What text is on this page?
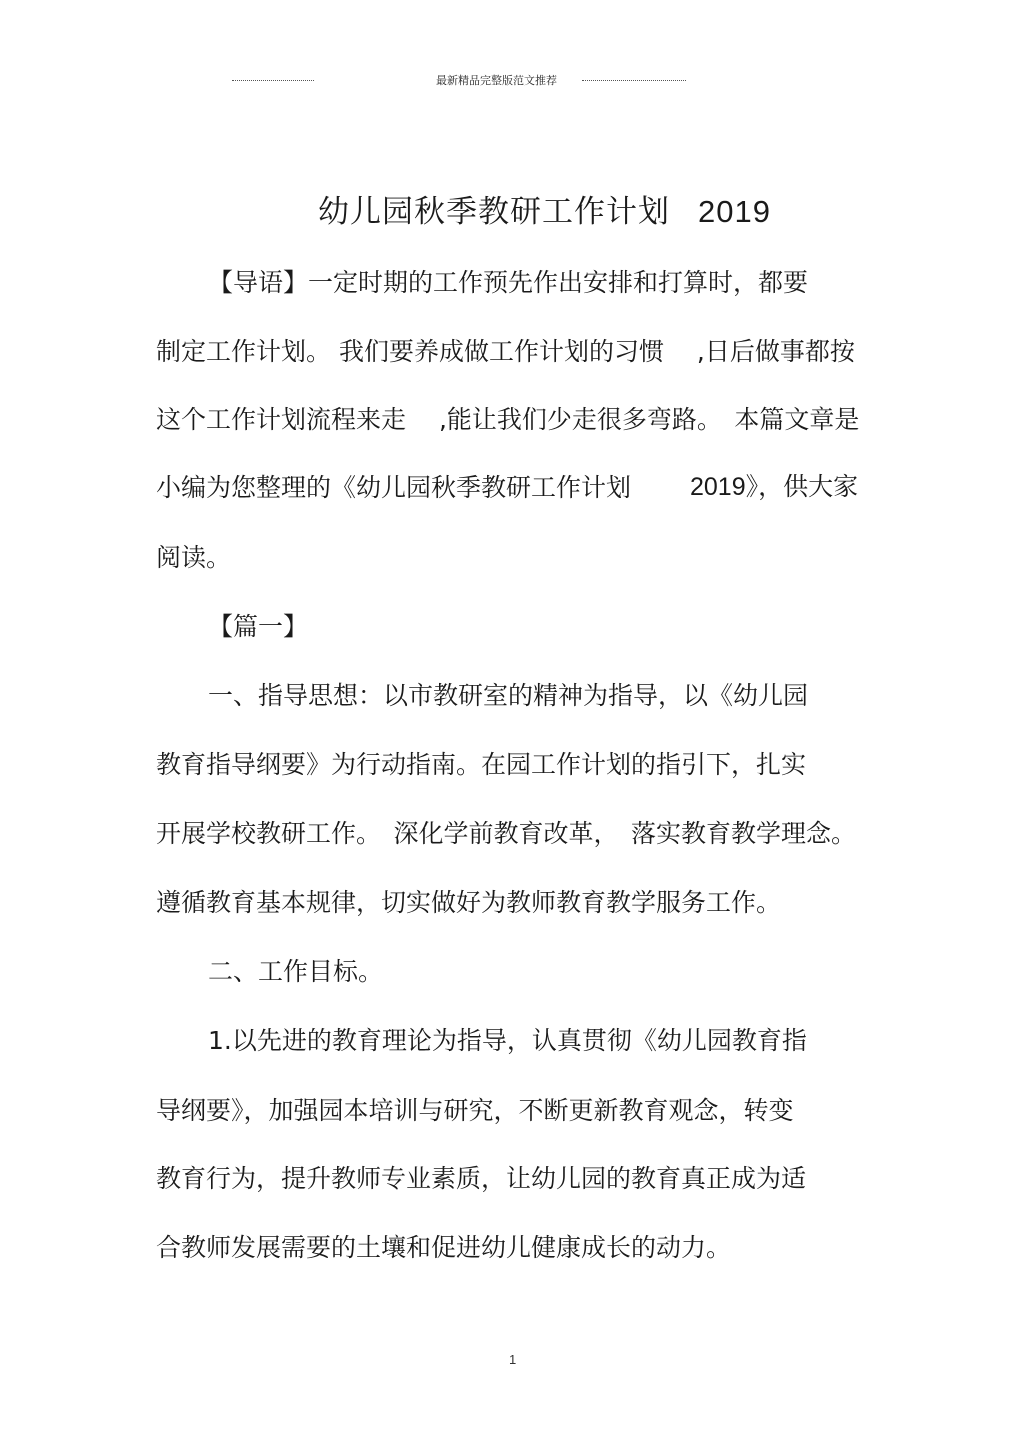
最新精品完整版范文推荐
幼儿园秋季教研工作计划 2019
【导语】一定时期的工作预先作出安排和打算时，都要
制定工作计划。 我们要养成做工作计划的习惯　 ,日后做事都按
这个工作计划流程来走　 ,能让我们少走很多弯路。　本篇文章是
小编为您整理的《幼儿园秋季教研工作计划　　　　
2019》，供大家
阅读。
【篇一】
一、指导思想：以市教研室的精神为指导，以《幼儿园
教育指导纲要》为行动指南。在园工作计划的指引下，扎实
开展学校教研工作。　深化学前教育改革，　落实教育教学理念。
遵循教育基本规律，切实做好为教师教育教学服务工作。
二、工作目标。
1.以先进的教育理论为指导，认真贯彻《幼儿园教育指
导纲要》，加强园本培训与研究，不断更新教育观念，转变
教育行为，提升教师专业素质，让幼儿园的教育真正成为适
合教师发展需要的土壤和促进幼儿健康成长的动力。
1
